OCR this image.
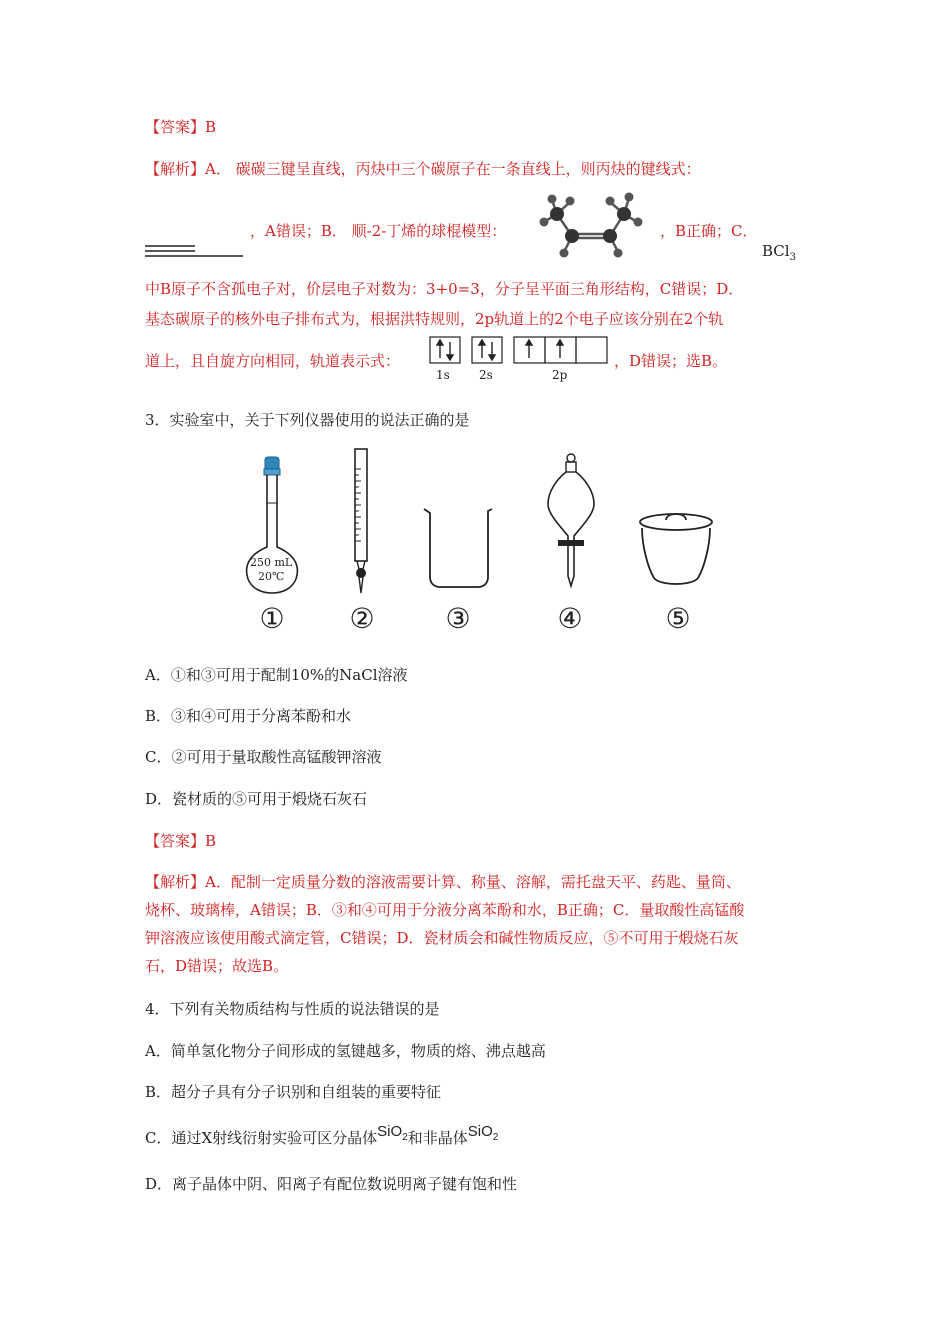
【答案】B
【解析】A． 碳碳三键呈直线，丙炔中三个碳原子在一条直线上，则丙炔的键线式：
，A错误；B． 顺-2-丁烯的球棍模型：	，B正确；C．
BCl$_3$
中B原子不含孤电子对，价层电子对数为：3+0=3，分子呈平面三角形结构，C错误；D．
基态碳原子的核外电子排布式为，根据洪特规则，2p轨道上的2个电子应该分别在2个轨
道上，且自旋方向相同，轨道表示式：
1s 2s	2p
，D错误；选B。
3．实验室中，关于下列仪器使用的说法正确的是
250 mL
20℃
① ②	③	④	⑤
A．①和③可用于配制10%的NaCl溶液
B．③和④可用于分离苯酚和水
C．②可用于量取酸性高锰酸钾溶液
D．瓷材质的⑤可用于煅烧石灰石
【答案】B
【解析】A．配制一定质量分数的溶液需要计算、称量、溶解，需托盘天平、药匙、量筒、
烧杯、玻璃棒，A错误；B．③和④可用于分液分离苯酚和水，B正确；C．量取酸性高锰酸
钾溶液应该使用酸式滴定管，C错误；D．瓷材质会和碱性物质反应，⑤不可用于煅烧石灰
石，D错误；故选B。
4．下列有关物质结构与性质的说法错误的是
A．简单氢化物分子间形成的氢键越多，物质的熔、沸点越高
B．超分子具有分子识别和自组装的重要特征
C．通过X射线衍射实验可区分晶体SiO$_2$和非晶体SiO$_2$
D．离子晶体中阴、阳离子有配位数说明离子键有饱和性
